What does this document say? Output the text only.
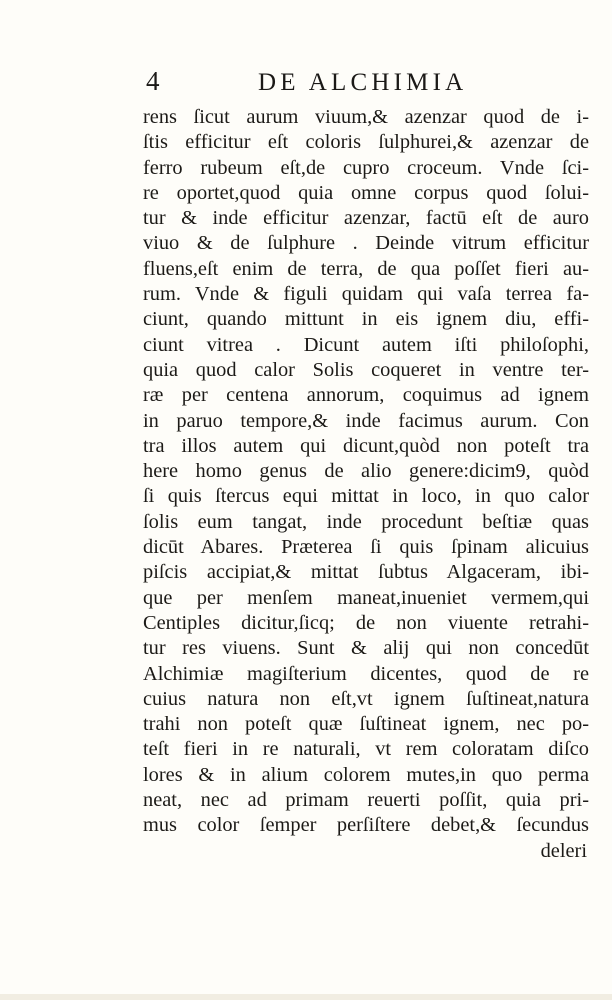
4	DE ALCHIMIA
rens ſicut aurum viuum,& azenzar quod de i-
ſtis efficitur eſt coloris ſulphurei,& azenzar de
ferro rubeum eſt,de cupro croceum. Vnde ſci-
re oportet,quod quia omne corpus quod ſolui-
tur & inde efficitur azenzar, factū eſt de auro
viuo & de ſulphure . Deinde vitrum efficitur
fluens,eſt enim de terra, de qua poſſet fieri au-
rum. Vnde & figuli quidam qui vaſa terrea fa-
ciunt, quando mittunt in eis ignem diu, effi-
ciunt vitrea . Dicunt autem iſti philoſophi,
quia quod calor Solis coqueret in ventre ter-
ræ per centena annorum, coquimus ad ignem
in paruo tempore,& inde facimus aurum. Con
tra illos autem qui dicunt,quòd non poteſt tra
here homo genus de alio genere:dicim9, quòd
ſi quis ſtercus equi mittat in loco, in quo calor
ſolis eum tangat, inde procedunt beſtiæ quas
dicūt Abares. Præterea ſi quis ſpinam alicuius
piſcis accipiat,& mittat ſubtus Algaceram, ibi-
que per menſem maneat,inueniet vermem,qui
Centiples dicitur,ſicq; de non viuente retrahi-
tur res viuens. Sunt & alij qui non concedūt
Alchimiæ magiſterium dicentes, quod de re
cuius natura non eſt,vt ignem ſuſtineat,natura
trahi non poteſt quæ ſuſtineat ignem, nec po-
teſt fieri in re naturali, vt rem coloratam diſco
lores & in alium colorem mutes,in quo perma
neat, nec ad primam reuerti poſſit, quia pri-
mus color ſemper perſiſtere debet,& ſecundus
deleri
